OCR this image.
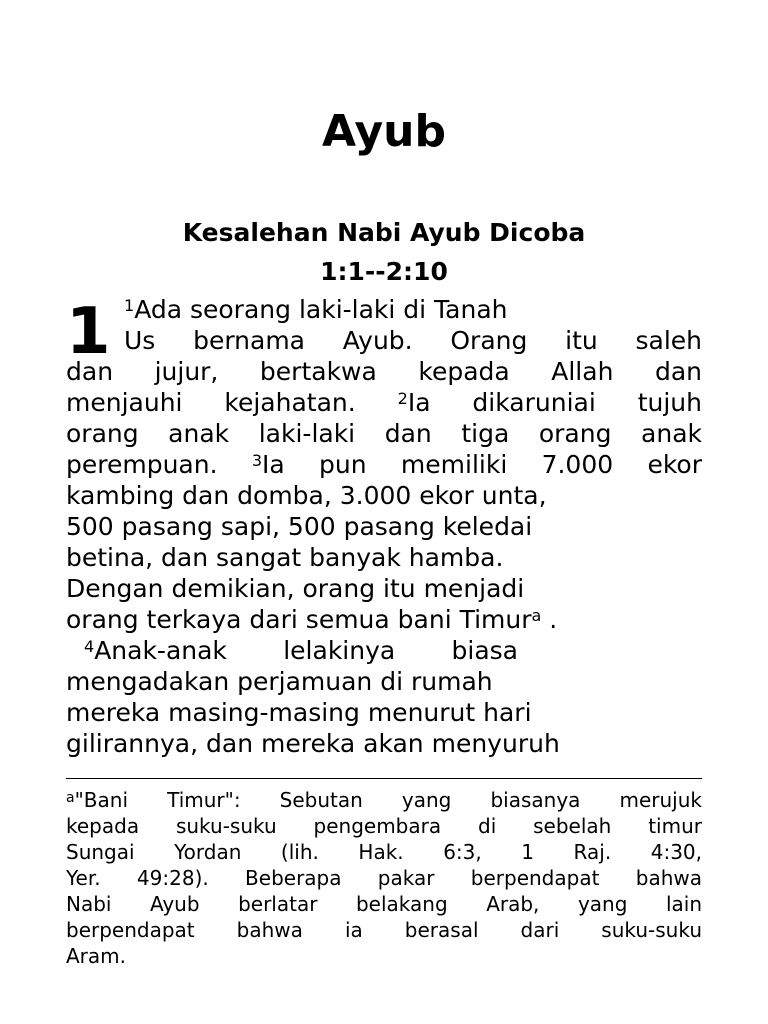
Ayub
Kesalehan Nabi Ayub Dicoba
1:1--2:10
1 $^1$Ada seorang laki-laki di Tanah
Us bernama Ayub. Orang itu saleh
dan jujur, bertakwa kepada Allah dan
menjauhi kejahatan.	$^2$Ia dikaruniai tujuh
orang anak laki-laki dan tiga orang anak
perempuan. $^3$Ia pun memiliki 7.000 ekor
kambing dan domba, 3.000 ekor unta,
500 pasang sapi, 500 pasang keledai
betina, dan sangat banyak hamba.
Dengan demikian, orang itu menjadi
orang terkaya dari semua bani Timur$^a$ .
$^4$Anak-anak lelakinya biasa
mengadakan perjamuan di rumah
mereka masing-masing menurut hari
gilirannya, dan mereka akan menyuruh
$^a$"Bani Timur": Sebutan yang biasanya merujuk
kepada suku-suku pengembara di sebelah timur
Sungai Yordan (lih. Hak. 6:3, 1 Raj. 4:30,
Yer. 49:28). Beberapa pakar berpendapat bahwa
Nabi Ayub berlatar belakang Arab, yang lain
berpendapat bahwa ia berasal dari suku-suku
Aram.
